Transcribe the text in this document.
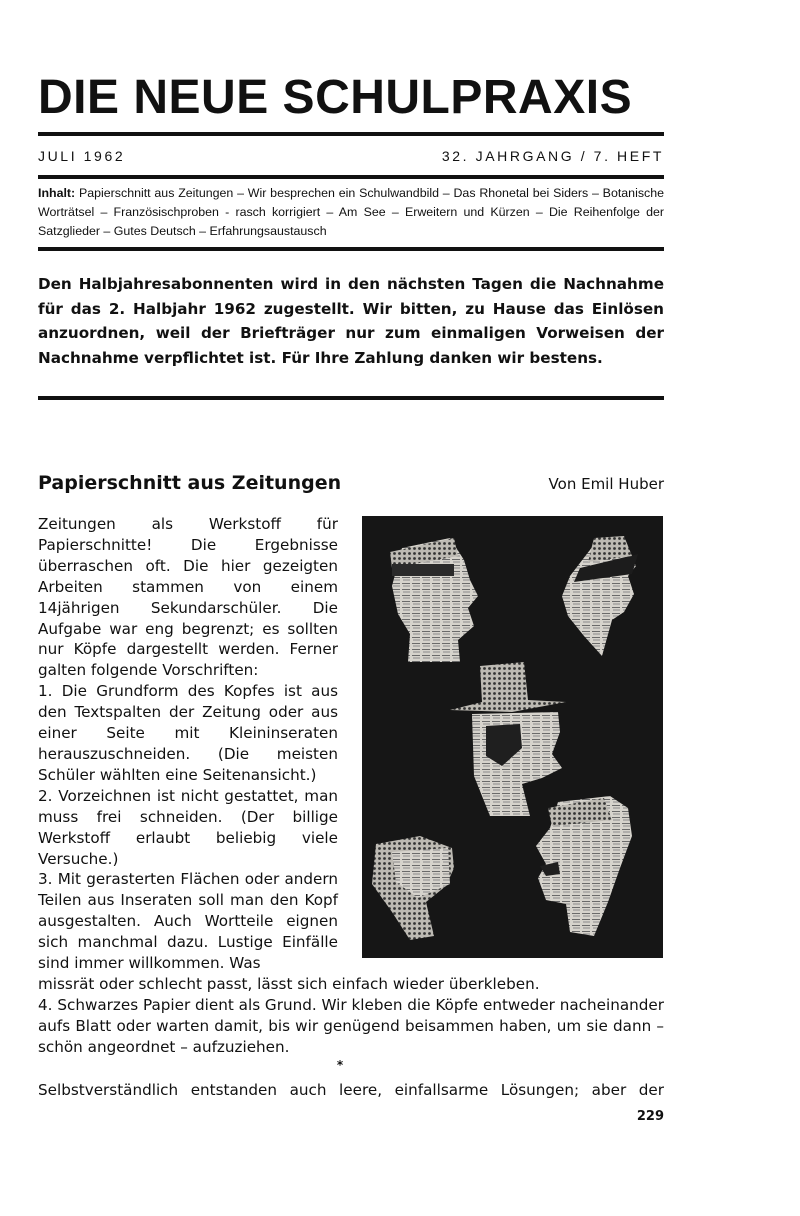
DIE NEUE SCHULPRAXIS
JULI 1962	32. JAHRGANG / 7. HEFT
Inhalt: Papierschnitt aus Zeitungen – Wir besprechen ein Schulwandbild – Das Rhonetal bei Siders – Botanische Worträtsel – Französischproben - rasch korrigiert – Am See – Erweitern und Kürzen – Die Reihenfolge der Satzglieder – Gutes Deutsch – Erfahrungsaustausch
Den Halbjahresabonnenten wird in den nächsten Tagen die Nachnahme für das 2. Halbjahr 1962 zugestellt. Wir bitten, zu Hause das Einlösen anzuordnen, weil der Briefträger nur zum einmaligen Vorweisen der Nachnahme verpflichtet ist. Für Ihre Zahlung danken wir bestens.
Papierschnitt aus Zeitungen	Von Emil Huber

Zeitungen als Werkstoff für Papierschnitte! Die Ergebnisse überraschen oft. Die hier gezeigten Arbeiten stammen von einem 14jährigen Sekundarschüler. Die Aufgabe war eng begrenzt; es sollten nur Köpfe dargestellt werden. Ferner galten folgende Vorschriften:

1. Die Grundform des Kopfes ist aus den Textspalten der Zeitung oder aus einer Seite mit Kleininseraten herauszuschneiden. (Die meisten Schüler wählten eine Seitenansicht.)

2. Vorzeichnen ist nicht gestattet, man muss frei schneiden. (Der billige Werkstoff erlaubt beliebig viele Versuche.)

3. Mit gerasterten Flächen oder andern Teilen aus Inseraten soll man den Kopf ausgestalten. Auch Wortteile eignen sich manchmal dazu. Lustige Einfälle sind immer willkommen. Was

missrät oder schlecht passt, lässt sich einfach wieder überkleben.

4. Schwarzes Papier dient als Grund. Wir kleben die Köpfe entweder nacheinander aufs Blatt oder warten damit, bis wir genügend beisammen haben, um sie dann – schön angeordnet – aufzuziehen.

*
Selbstverständlich entstanden auch leere, einfallsarme Lösungen; aber der
229
